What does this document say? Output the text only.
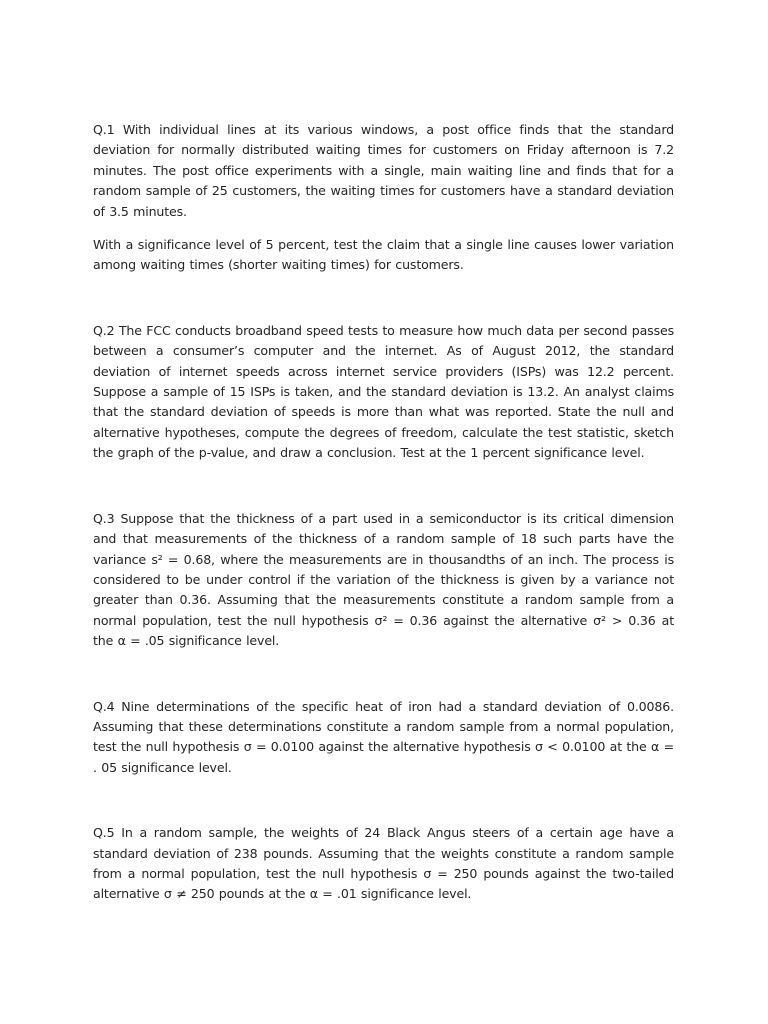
Q.1 With individual lines at its various windows, a post office finds that the standard deviation for normally distributed waiting times for customers on Friday afternoon is 7.2 minutes. The post office experiments with a single, main waiting line and finds that for a random sample of 25 customers, the waiting times for customers have a standard deviation of 3.5 minutes.

With a significance level of 5 percent, test the claim that a single line causes lower variation among waiting times (shorter waiting times) for customers.

Q.2 The FCC conducts broadband speed tests to measure how much data per second passes between a consumer’s computer and the internet. As of August 2012, the standard deviation of internet speeds across internet service providers (ISPs) was 12.2 percent. Suppose a sample of 15 ISPs is taken, and the standard deviation is 13.2. An analyst claims that the standard deviation of speeds is more than what was reported. State the null and alternative hypotheses, compute the degrees of freedom, calculate the test statistic, sketch the graph of the p-value, and draw a conclusion. Test at the 1 percent significance level.

Q.3 Suppose that the thickness of a part used in a semiconductor is its critical dimension and that measurements of the thickness of a random sample of 18 such parts have the variance s² = 0.68, where the measurements are in thousandths of an inch. The process is considered to be under control if the variation of the thickness is given by a variance not greater than 0.36. Assuming that the measurements constitute a random sample from a normal population, test the null hypothesis σ² = 0.36 against the alternative σ² > 0.36 at the α = .05 significance level.

Q.4 Nine determinations of the specific heat of iron had a standard deviation of 0.0086. Assuming that these determinations constitute a random sample from a normal population, test the null hypothesis σ = 0.0100 against the alternative hypothesis σ < 0.0100 at the α = . 05 significance level.

Q.5 In a random sample, the weights of 24 Black Angus steers of a certain age have a standard deviation of 238 pounds. Assuming that the weights constitute a random sample from a normal population, test the null hypothesis σ = 250 pounds against the two-tailed alternative σ ≠ 250 pounds at the α = .01 significance level.
